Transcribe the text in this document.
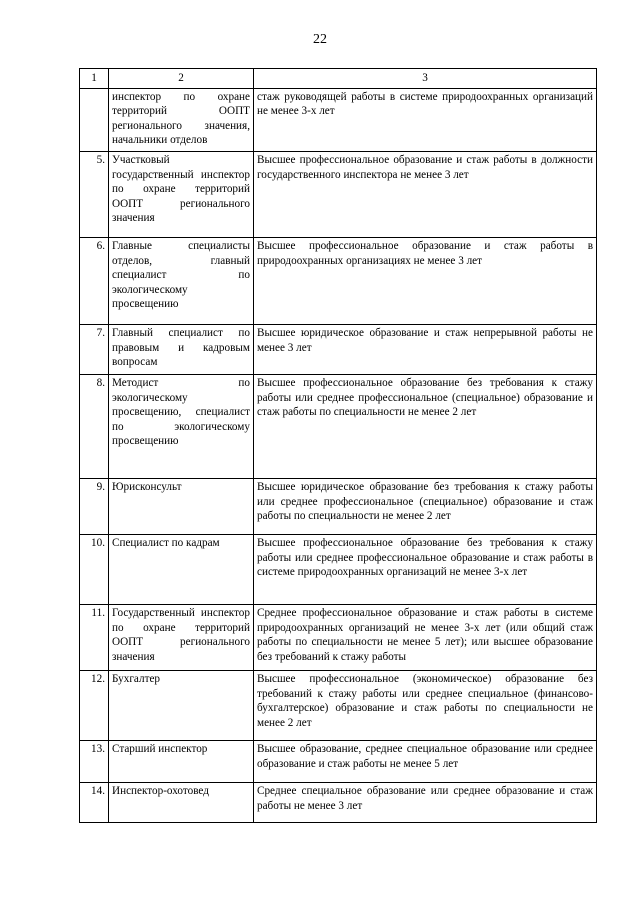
22
1	2	3
	инспектор по охране территорий ООПТ регионального значения, начальники отделов	стаж руководящей работы в системе природоохранных организаций не менее 3-х лет
5.	Участковый государственный инспектор по охране территорий ООПТ регионального значения	Высшее профессиональное образование и стаж работы в должности государственного инспектора не менее 3 лет
6.	Главные специалисты отделов, главный специалист по экологическому просвещению	Высшее профессиональное образование и стаж работы в природоохранных организациях не менее 3 лет
7.	Главный специалист по правовым и кадровым вопросам	Высшее юридическое образование и стаж непрерывной работы не менее 3 лет
8.	Методист по экологическому просвещению, специалист по экологическому просвещению	Высшее профессиональное образование без требования к стажу работы или среднее профессиональное (специальное) образование и стаж работы по специальности не менее 2 лет
9.	Юрисконсульт	Высшее юридическое образование без требования к стажу работы или среднее профессиональное (специальное) образование и стаж работы по специальности не менее 2 лет
10.	Специалист по кадрам	Высшее профессиональное образование без требования к стажу работы или среднее профессиональное образование и стаж работы в системе природоохранных организаций не менее 3-х лет
11.	Государственный инспектор по охране территорий ООПТ регионального значения	Среднее профессиональное образование и стаж работы в системе природоохранных организаций не менее 3-х лет (или общий стаж работы по специальности не менее 5 лет); или высшее образование без требований к стажу работы
12.	Бухгалтер	Высшее профессиональное (экономическое) образование без требований к стажу работы или среднее специальное (финансово-бухгалтерское) образование и стаж работы по специальности не менее 2 лет
13.	Старший инспектор	Высшее образование, среднее специальное образование или среднее образование и стаж работы не менее 5 лет
14.	Инспектор-охотовед	Среднее специальное образование или среднее образование и стаж работы не менее 3 лет
